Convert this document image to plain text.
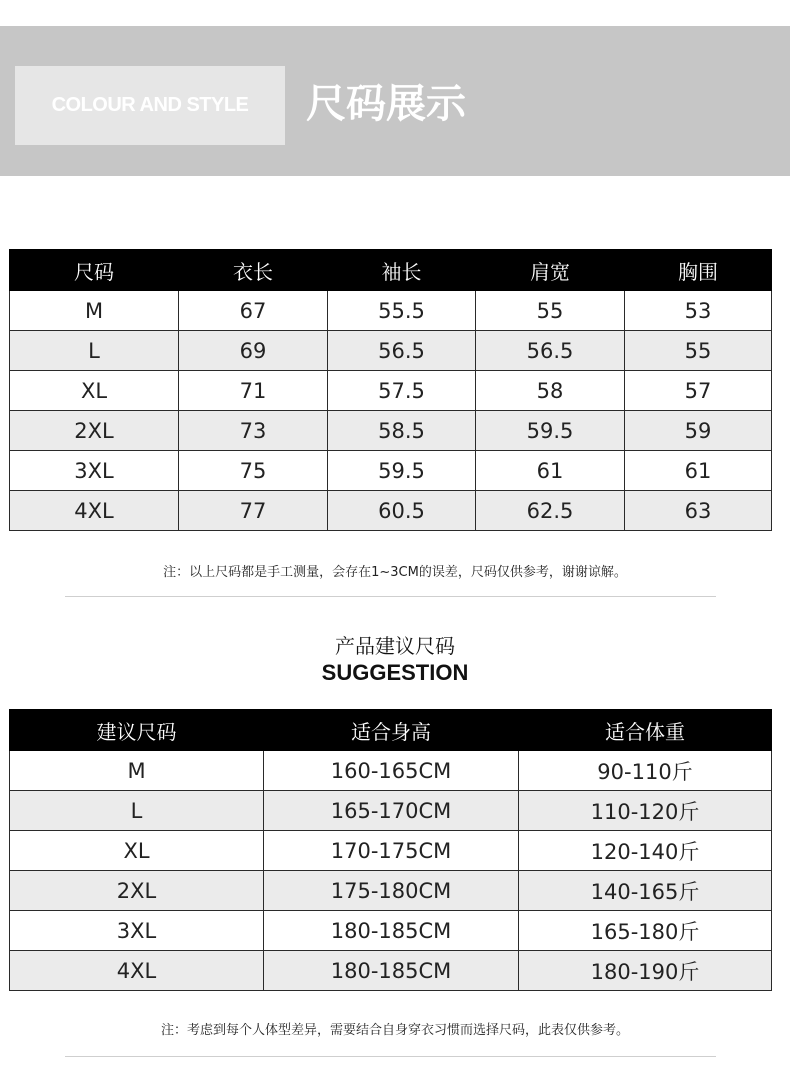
COLOUR AND STYLE 尺码展示
尺码	衣长	袖长	肩宽	胸围
M	67	55.5	55	53
L	69	56.5	56.5	55
XL	71	57.5	58	57
2XL	73	58.5	59.5	59
3XL	75	59.5	61	61
4XL	77	60.5	62.5	63
注：以上尺码都是手工测量，会存在1~3CM的误差，尺码仅供参考，谢谢谅解。
产品建议尺码
SUGGESTION
建议尺码	适合身高	适合体重
M	160-165CM	90-110斤
L	165-170CM	110-120斤
XL	170-175CM	120-140斤
2XL	175-180CM	140-165斤
3XL	180-185CM	165-180斤
4XL	180-185CM	180-190斤
注：考虑到每个人体型差异，需要结合自身穿衣习惯而选择尺码，此表仅供参考。
